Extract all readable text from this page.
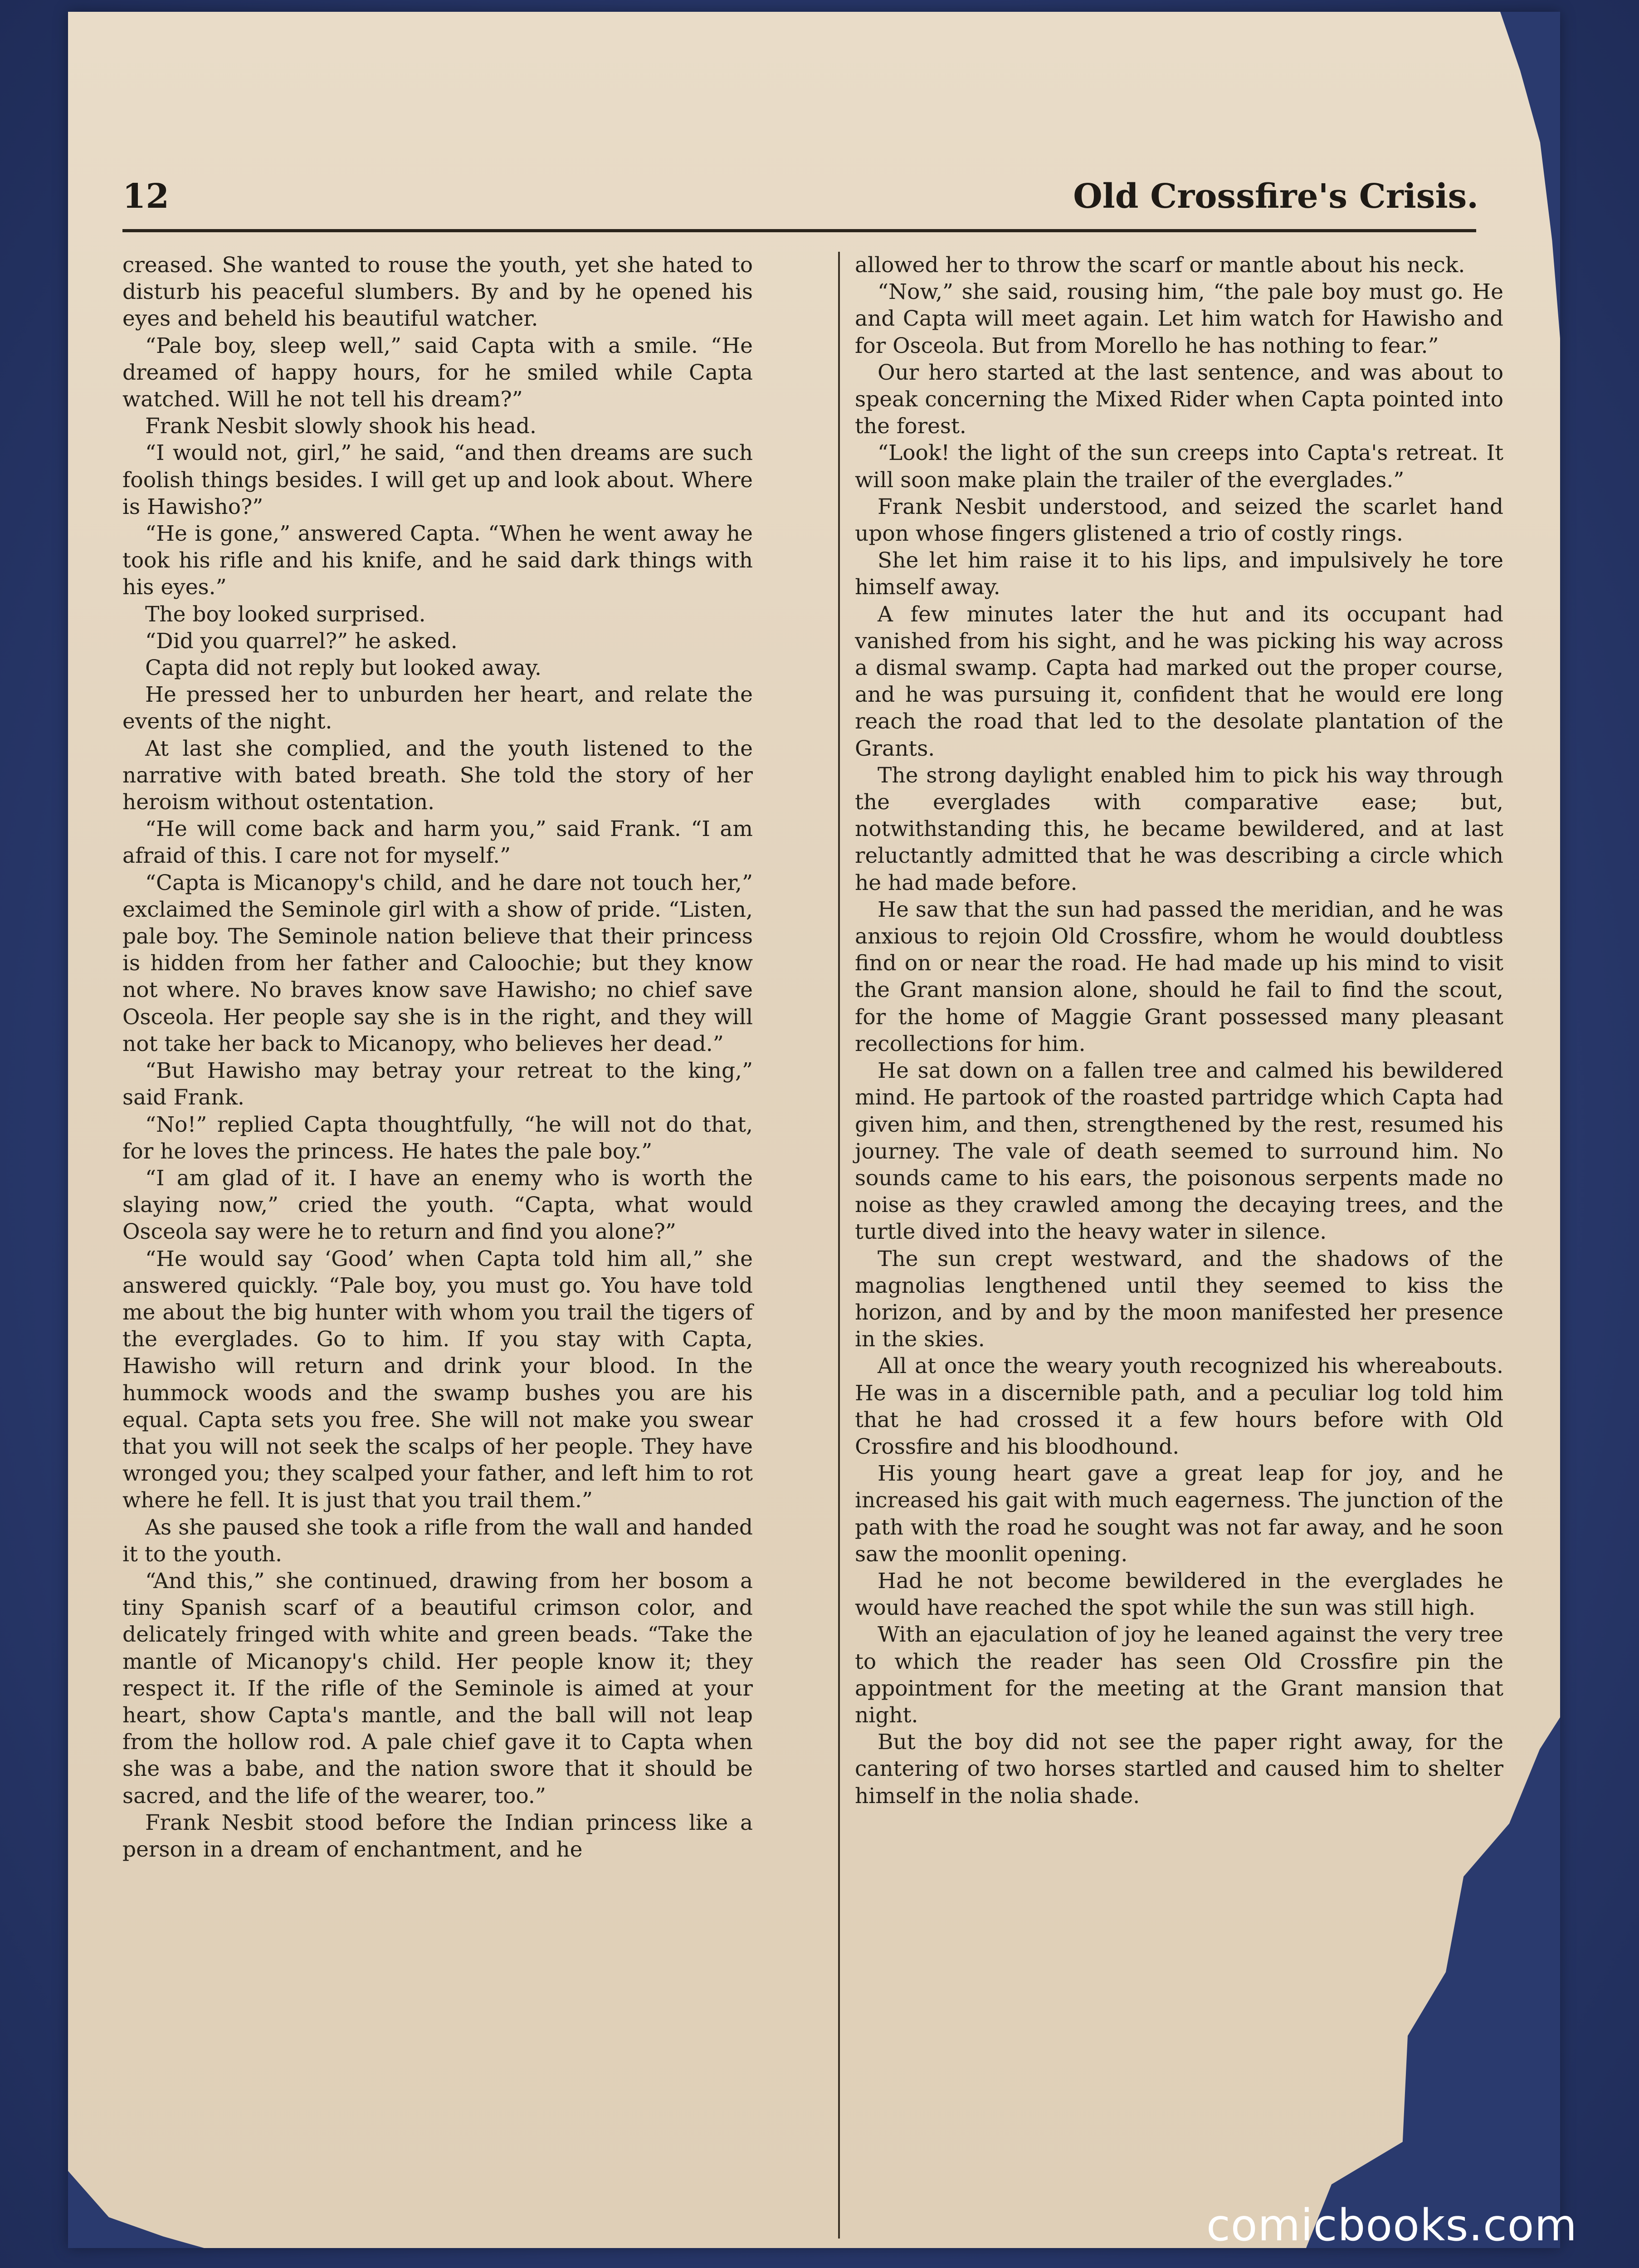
12	Old Crossfire's Crisis.

creased. She wanted to rouse the youth, yet she hated to disturb his peaceful slumbers. By and by he opened his eyes and beheld his beautiful watcher.

“Pale boy, sleep well,” said Capta with a smile. “He dreamed of happy hours, for he smiled while Capta watched. Will he not tell his dream?”

Frank Nesbit slowly shook his head.

“I would not, girl,” he said, “and then dreams are such foolish things besides. I will get up and look about. Where is Hawisho?”

“He is gone,” answered Capta. “When he went away he took his rifle and his knife, and he said dark things with his eyes.”

The boy looked surprised.

“Did you quarrel?” he asked.

Capta did not reply but looked away.

He pressed her to unburden her heart, and relate the events of the night.

At last she complied, and the youth listened to the narrative with bated breath. She told the story of her heroism without ostentation.

“He will come back and harm you,” said Frank. “I am afraid of this. I care not for myself.”

“Capta is Micanopy's child, and he dare not touch her,” exclaimed the Seminole girl with a show of pride. “Listen, pale boy. The Seminole nation believe that their princess is hidden from her father and Caloochie; but they know not where. No braves know save Hawisho; no chief save Osceola. Her people say she is in the right, and they will not take her back to Micanopy, who believes her dead.”

“But Hawisho may betray your retreat to the king,” said Frank.

“No!” replied Capta thoughtfully, “he will not do that, for he loves the princess. He hates the pale boy.”

“I am glad of it. I have an enemy who is worth the slaying now,” cried the youth. “Capta, what would Osceola say were he to return and find you alone?”

“He would say ‘Good’ when Capta told him all,” she answered quickly. “Pale boy, you must go. You have told me about the big hunter with whom you trail the tigers of the everglades. Go to him. If you stay with Capta, Hawisho will return and drink your blood. In the hummock woods and the swamp bushes you are his equal. Capta sets you free. She will not make you swear that you will not seek the scalps of her people. They have wronged you; they scalped your father, and left him to rot where he fell. It is just that you trail them.”

As she paused she took a rifle from the wall and handed it to the youth.

“And this,” she continued, drawing from her bosom a tiny Spanish scarf of a beautiful crimson color, and delicately fringed with white and green beads. “Take the mantle of Micanopy's child. Her people know it; they respect it. If the rifle of the Seminole is aimed at your heart, show Capta's mantle, and the ball will not leap from the hollow rod. A pale chief gave it to Capta when she was a babe, and the nation swore that it should be sacred, and the life of the wearer, too.”

Frank Nesbit stood before the Indian princess like a person in a dream of enchantment, and he

allowed her to throw the scarf or mantle about his neck.

“Now,” she said, rousing him, “the pale boy must go. He and Capta will meet again. Let him watch for Hawisho and for Osceola. But from Morello he has nothing to fear.”

Our hero started at the last sentence, and was about to speak concerning the Mixed Rider when Capta pointed into the forest.

“Look! the light of the sun creeps into Capta's retreat. It will soon make plain the trailer of the everglades.”

Frank Nesbit understood, and seized the scarlet hand upon whose fingers glistened a trio of costly rings.

She let him raise it to his lips, and impulsively he tore himself away.

A few minutes later the hut and its occupant had vanished from his sight, and he was picking his way across a dismal swamp. Capta had marked out the proper course, and he was pursuing it, confident that he would ere long reach the road that led to the desolate plantation of the Grants.

The strong daylight enabled him to pick his way through the everglades with comparative ease; but, notwithstanding this, he became bewildered, and at last reluctantly admitted that he was describing a circle which he had made before.

He saw that the sun had passed the meridian, and he was anxious to rejoin Old Crossfire, whom he would doubtless find on or near the road. He had made up his mind to visit the Grant mansion alone, should he fail to find the scout, for the home of Maggie Grant possessed many pleasant recollections for him.

He sat down on a fallen tree and calmed his bewildered mind. He partook of the roasted partridge which Capta had given him, and then, strengthened by the rest, resumed his journey. The vale of death seemed to surround him. No sounds came to his ears, the poisonous serpents made no noise as they crawled among the decaying trees, and the turtle dived into the heavy water in silence.

The sun crept westward, and the shadows of the magnolias lengthened until they seemed to kiss the horizon, and by and by the moon manifested her presence in the skies.

All at once the weary youth recognized his whereabouts. He was in a discernible path, and a peculiar log told him that he had crossed it a few hours before with Old Crossfire and his bloodhound.

His young heart gave a great leap for joy, and he increased his gait with much eagerness. The junction of the path with the road he sought was not far away, and he soon saw the moonlit opening.

Had he not become bewildered in the everglades he would have reached the spot while the sun was still high.

With an ejaculation of joy he leaned against the very tree to which the reader has seen Old Crossfire pin the appointment for the meeting at the Grant mansion that night.

But the boy did not see the paper right away, for the cantering of two horses startled and caused him to shelter himself in the nolia shade.

comicbooks.com
